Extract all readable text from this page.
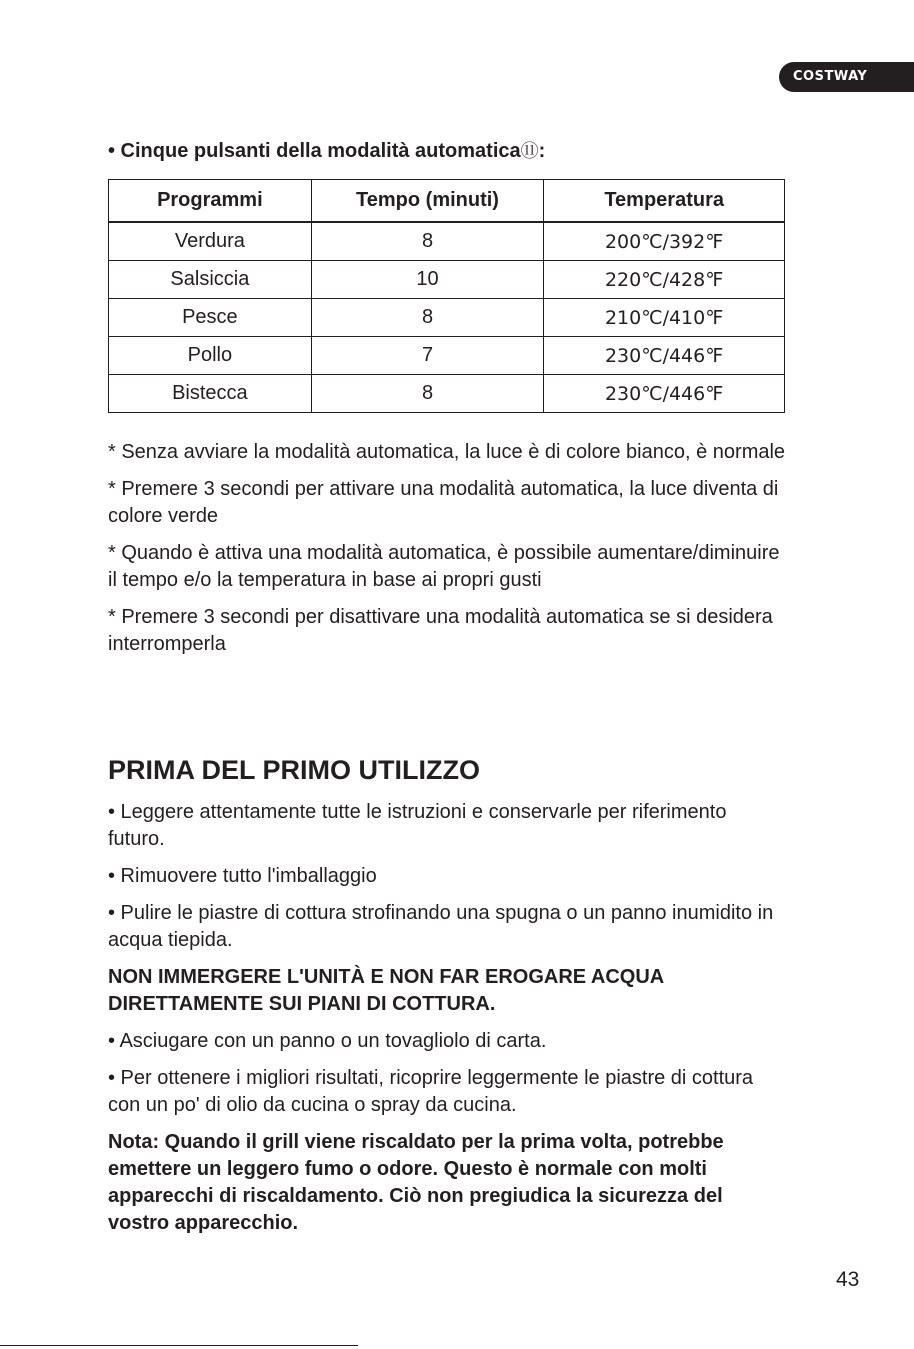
COSTWAY
• Cinque pulsanti della modalità automatica⑪:
Programmi	Tempo (minuti)	Temperatura
Verdura	8	200℃/392℉
Salsiccia	10	220℃/428℉
Pesce	8	210℃/410℉
Pollo	7	230℃/446℉
Bistecca	8	230℃/446℉

* Senza avviare la modalità automatica, la luce è di colore bianco, è normale

* Premere 3 secondi per attivare una modalità automatica, la luce diventa di colore verde

* Quando è attiva una modalità automatica, è possibile aumentare/diminuire il tempo e/o la temperatura in base ai propri gusti

* Premere 3 secondi per disattivare una modalità automatica se si desidera interromperla

PRIMA DEL PRIMO UTILIZZO

• Leggere attentamente tutte le istruzioni e conservarle per riferimento futuro.

• Rimuovere tutto l'imballaggio

• Pulire le piastre di cottura strofinando una spugna o un panno inumidito in acqua tiepida.

NON IMMERGERE L'UNITÀ E NON FAR EROGARE ACQUA DIRETTAMENTE SUI PIANI DI COTTURA.

• Asciugare con un panno o un tovagliolo di carta.

• Per ottenere i migliori risultati, ricoprire leggermente le piastre di cottura con un po' di olio da cucina o spray da cucina.

Nota: Quando il grill viene riscaldato per la prima volta, potrebbe emettere un leggero fumo o odore. Questo è normale con molti apparecchi di riscaldamento. Ciò non pregiudica la sicurezza del vostro apparecchio.

43
